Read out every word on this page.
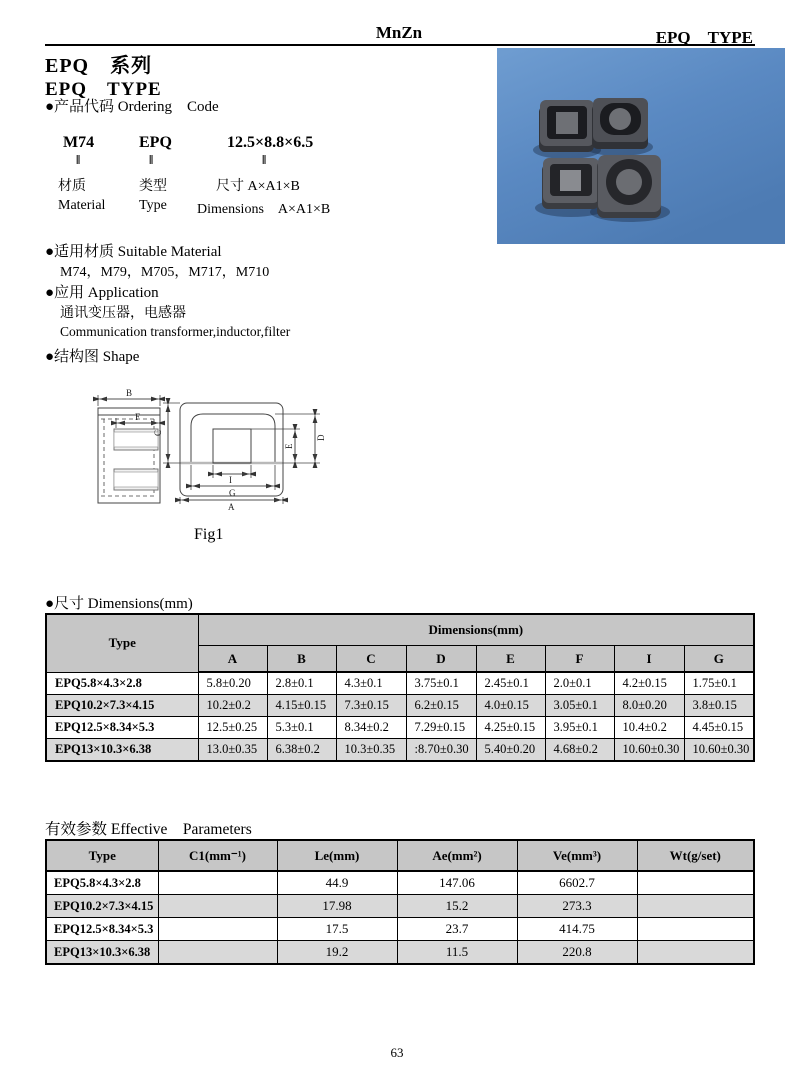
MnZn	EPQ　TYPE
EPQ　系列
EPQ　TYPE
●产品代码 Ordering　Code
M74	EPQ	12.5×8.8×6.5
‖	‖	‖
材质	类型	尺寸 A×A1×B
Material Type Dimensions　A×A1×B
●适用材质 Suitable Material
M74，M79，M705，M717，M710
●应用 Application
通讯变压器，电感器
Communication transformer,inductor,filter
●结构图 Shape
B
F
C
E
D
I
G
A
Fig1
●尺寸 Dimensions(mm)
Type	Dimensions(mm)							
	A	B	C	D	E	F	I	G
EPQ5.8×4.3×2.8	5.8±0.20	2.8±0.1	4.3±0.1	3.75±0.1	2.45±0.1	2.0±0.1	4.2±0.15	1.75±0.1
EPQ10.2×7.3×4.15	10.2±0.2	4.15±0.15	7.3±0.15	6.2±0.15	4.0±0.15	3.05±0.1	8.0±0.20	3.8±0.15
EPQ12.5×8.34×5.3	12.5±0.25	5.3±0.1	8.34±0.2	7.29±0.15	4.25±0.15	3.95±0.1	10.4±0.2	4.45±0.15
EPQ13×10.3×6.38	13.0±0.35	6.38±0.2	10.3±0.35	:8.70±0.30	5.40±0.20	4.68±0.2	10.60±0.30	10.60±0.30
有效参数 Effective　Parameters
Type	C1(mm⁻¹)	Le(mm)	Ae(mm²)	Ve(mm³)	Wt(g/set)
EPQ5.8×4.3×2.8		44.9	147.06	6602.7	
EPQ10.2×7.3×4.15		17.98	15.2	273.3	
EPQ12.5×8.34×5.3		17.5	23.7	414.75	
EPQ13×10.3×6.38		19.2	11.5	220.8	
63
